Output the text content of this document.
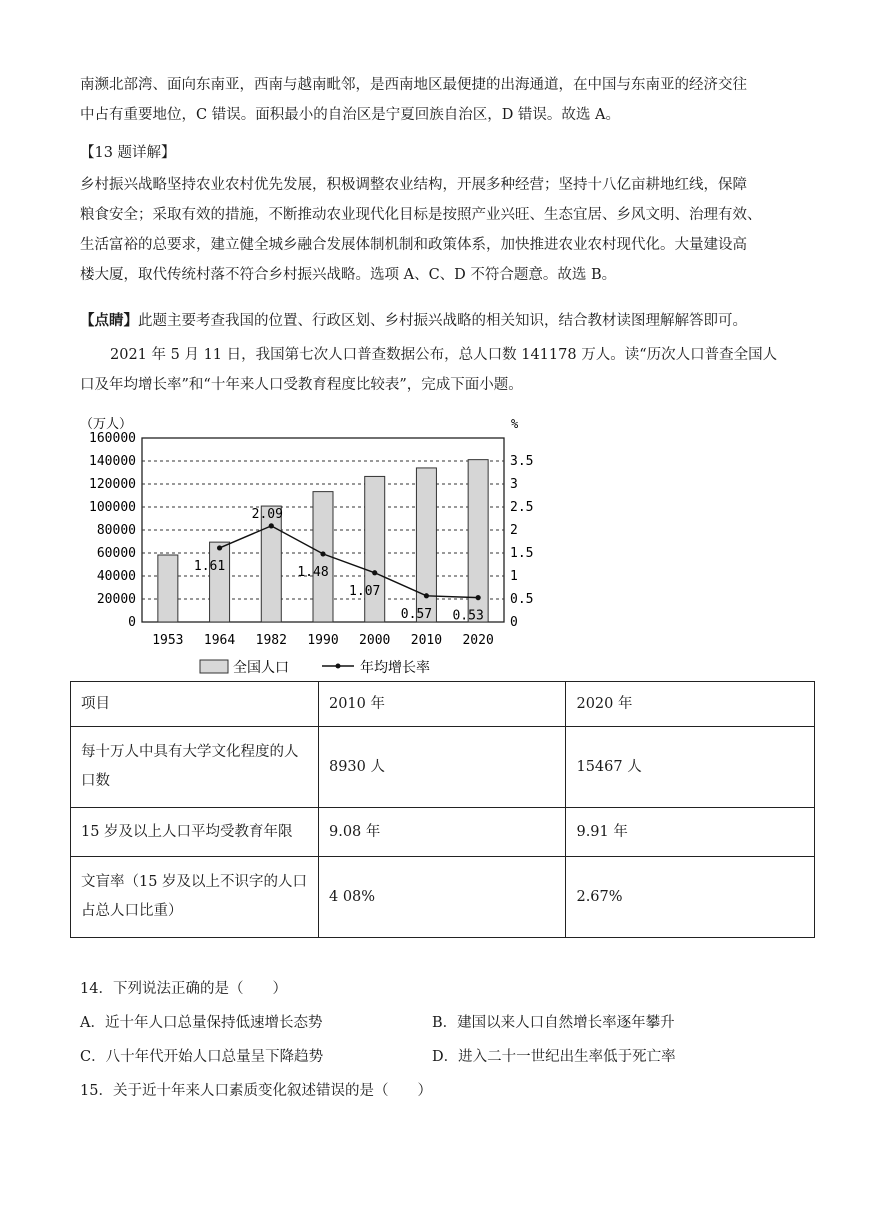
南濒北部湾、面向东南亚，西南与越南毗邻，是西南地区最便捷的出海通道，在中国与东南亚的经济交往
中占有重要地位，C 错误。面积最小的自治区是宁夏回族自治区，D 错误。故选 A。
【13 题详解】
乡村振兴战略坚持农业农村优先发展，积极调整农业结构，开展多种经营；坚持十八亿亩耕地红线，保障
粮食安全；采取有效的措施，不断推动农业现代化目标是按照产业兴旺、生态宜居、乡风文明、治理有效、
生活富裕的总要求，建立健全城乡融合发展体制机制和政策体系，加快推进农业农村现代化。大量建设高
楼大厦，取代传统村落不符合乡村振兴战略。选项 A、C、D 不符合题意。故选 B。
【点睛】此题主要考查我国的位置、行政区划、乡村振兴战略的相关知识，结合教材读图理解解答即可。
2021 年 5 月 11 日，我国第七次人口普查数据公布，总人口数 141178 万人。读“历次人口普查全国人
口及年均增长率”和“十年来人口受教育程度比较表”，完成下面小题。
（万人）	%
160000
140000
120000
100000
80000
60000
40000
20000
0
3.5
3
2.5
2
1.5
1
0.5
0
1953 1964 1982 1990 2000 2010 2020
1.61
2.09
1.48
1.07
0.57 0.53
全国人口	年均增长率
项目	2010 年	2020 年

每十万人中具有大学文化程度的人
口数	8930 人	15467 人
15 岁及以上人口平均受教育年限	9.08 年	9.91 年

文盲率（15 岁及以上不识字的人口
占总人口比重）	4 08%	2.67%
14．下列说法正确的是（　　）
A．近十年人口总量保持低速增长态势	B．建国以来人口自然增长率逐年攀升
C．八十年代开始人口总量呈下降趋势	D．进入二十一世纪出生率低于死亡率
15．关于近十年来人口素质变化叙述错误的是（　　）
